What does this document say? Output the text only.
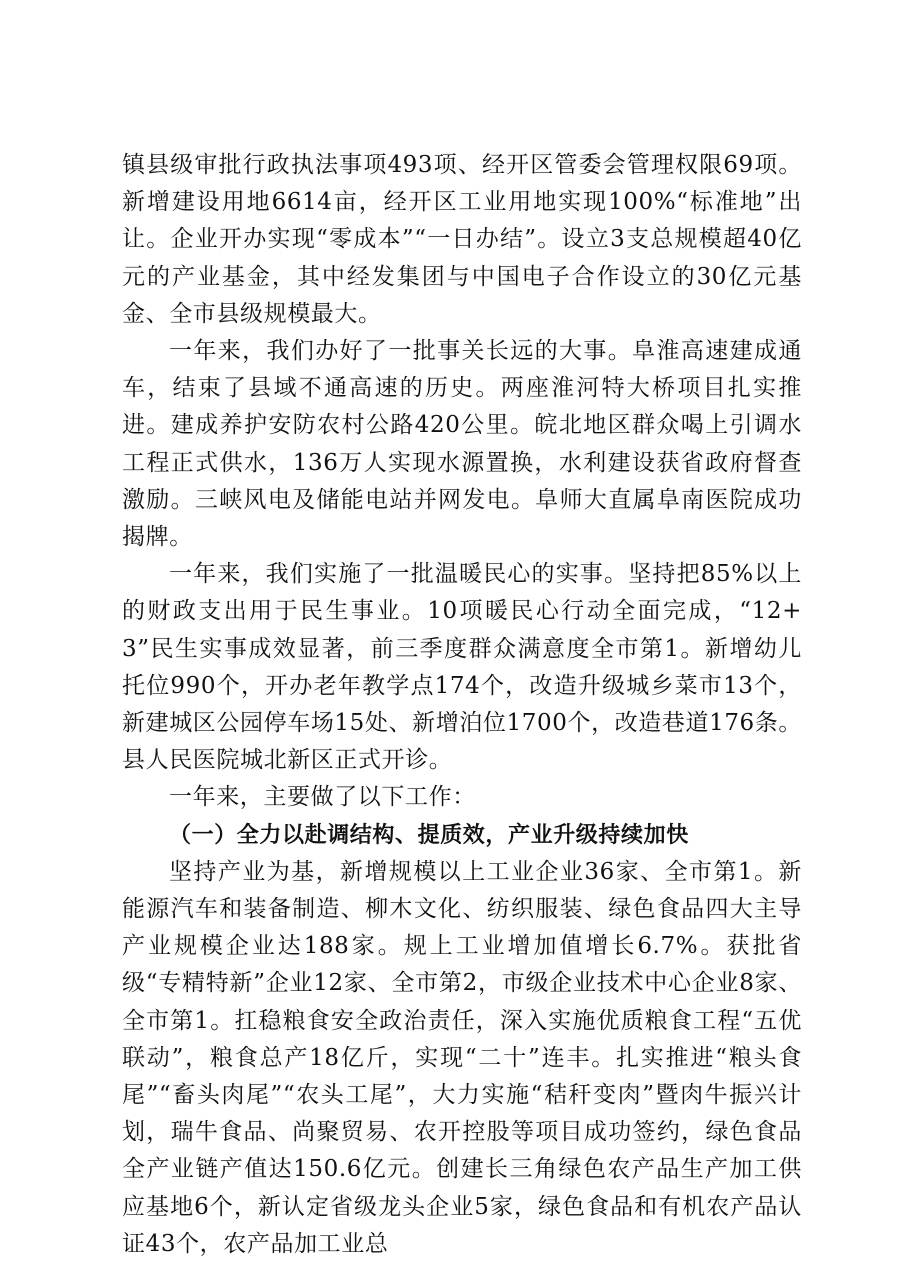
镇县级审批行政执法事项493项、经开区管委会管理权限69项。新增建设用地6614亩，经开区工业用地实现100%“标准地”出让。企业开办实现“零成本”“一日办结”。设立3支总规模超40亿元的产业基金，其中经发集团与中国电子合作设立的30亿元基金、全市县级规模最大。

一年来，我们办好了一批事关长远的大事。阜淮高速建成通车，结束了县域不通高速的历史。两座淮河特大桥项目扎实推进。建成养护安防农村公路420公里。皖北地区群众喝上引调水工程正式供水，136万人实现水源置换，水利建设获省政府督查激励。三峡风电及储能电站并网发电。阜师大直属阜南医院成功揭牌。

一年来，我们实施了一批温暖民心的实事。坚持把85%以上的财政支出用于民生事业。10项暖民心行动全面完成，“12+3”民生实事成效显著，前三季度群众满意度全市第1。新增幼儿托位990个，开办老年教学点174个，改造升级城乡菜市13个，新建城区公园停车场15处、新增泊位1700个，改造巷道176条。县人民医院城北新区正式开诊。

一年来，主要做了以下工作：

（一）全力以赴调结构、提质效，产业升级持续加快

坚持产业为基，新增规模以上工业企业36家、全市第1。新能源汽车和装备制造、柳木文化、纺织服装、绿色食品四大主导产业规模企业达188家。规上工业增加值增长6.7%。获批省级“专精特新”企业12家、全市第2，市级企业技术中心企业8家、全市第1。扛稳粮食安全政治责任，深入实施优质粮食工程“五优联动”，粮食总产18亿斤，实现“二十”连丰。扎实推进“粮头食尾”“畜头肉尾”“农头工尾”，大力实施“秸秆变肉”暨肉牛振兴计划，瑞牛食品、尚聚贸易、农开控股等项目成功签约，绿色食品全产业链产值达150.6亿元。创建长三角绿色农产品生产加工供应基地6个，新认定省级龙头企业5家，绿色食品和有机农产品认证43个，农产品加工业总
